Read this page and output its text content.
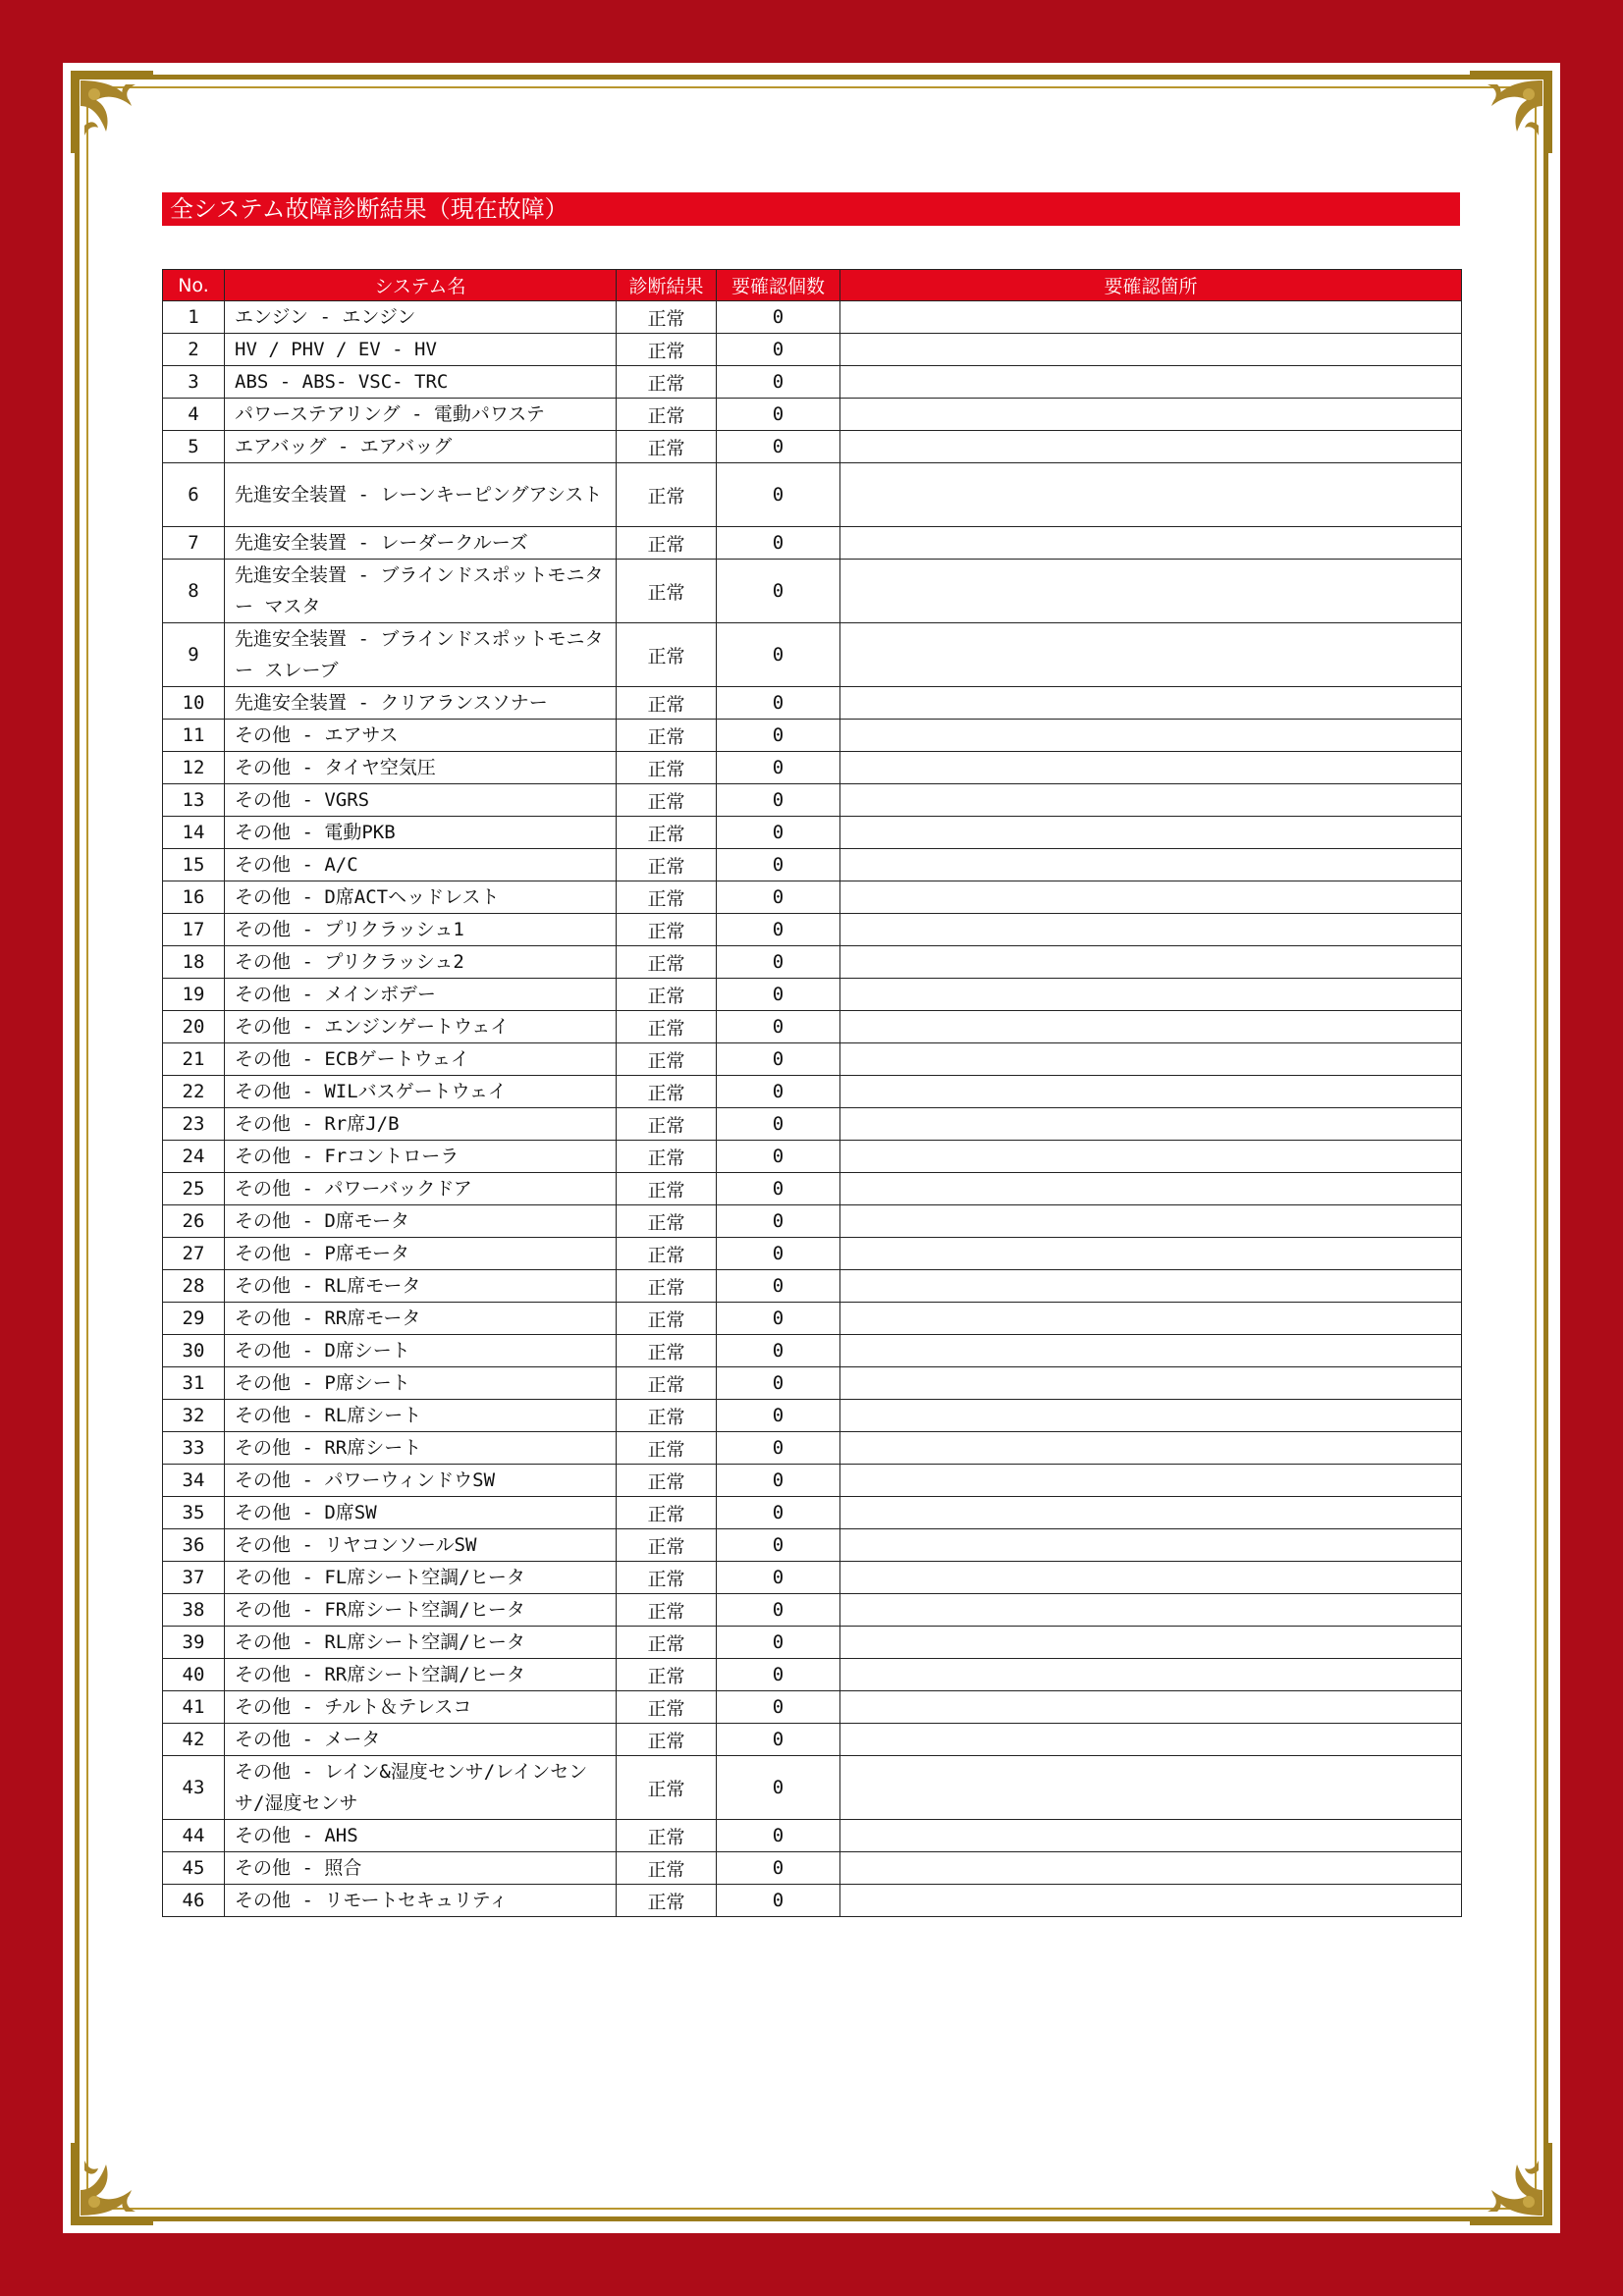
全システム故障診断結果（現在故障）
No.	システム名	診断結果	要確認個数	要確認箇所
1	エンジン - エンジン	正常	0	
2	HV / PHV / EV - HV	正常	0	
3	ABS - ABS- VSC- TRC	正常	0	
4	パワーステアリング - 電動パワステ	正常	0	
5	エアバッグ - エアバッグ	正常	0	
6	先進安全装置 - レーンキーピングアシスト	正常	0	
7	先進安全装置 - レーダークルーズ	正常	0	
8	先進安全装置 - ブラインドスポットモニター マスタ	正常	0	
9	先進安全装置 - ブラインドスポットモニター スレーブ	正常	0	
10	先進安全装置 - クリアランスソナー	正常	0	
11	その他 - エアサス	正常	0	
12	その他 - タイヤ空気圧	正常	0	
13	その他 - VGRS	正常	0	
14	その他 - 電動PKB	正常	0	
15	その他 - A/C	正常	0	
16	その他 - D席ACTヘッドレスト	正常	0	
17	その他 - プリクラッシュ1	正常	0	
18	その他 - プリクラッシュ2	正常	0	
19	その他 - メインボデー	正常	0	
20	その他 - エンジンゲートウェイ	正常	0	
21	その他 - ECBゲートウェイ	正常	0	
22	その他 - WILバスゲートウェイ	正常	0	
23	その他 - Rr席J/B	正常	0	
24	その他 - Frコントローラ	正常	0	
25	その他 - パワーバックドア	正常	0	
26	その他 - D席モータ	正常	0	
27	その他 - P席モータ	正常	0	
28	その他 - RL席モータ	正常	0	
29	その他 - RR席モータ	正常	0	
30	その他 - D席シート	正常	0	
31	その他 - P席シート	正常	0	
32	その他 - RL席シート	正常	0	
33	その他 - RR席シート	正常	0	
34	その他 - パワーウィンドウSW	正常	0	
35	その他 - D席SW	正常	0	
36	その他 - リヤコンソールSW	正常	0	
37	その他 - FL席シート空調/ヒータ	正常	0	
38	その他 - FR席シート空調/ヒータ	正常	0	
39	その他 - RL席シート空調/ヒータ	正常	0	
40	その他 - RR席シート空調/ヒータ	正常	0	
41	その他 - チルト＆テレスコ	正常	0	
42	その他 - メータ	正常	0	
43	その他 - レイン&湿度センサ/レインセンサ/湿度センサ	正常	0	
44	その他 - AHS	正常	0	
45	その他 - 照合	正常	0	
46	その他 - リモートセキュリティ	正常	0	
